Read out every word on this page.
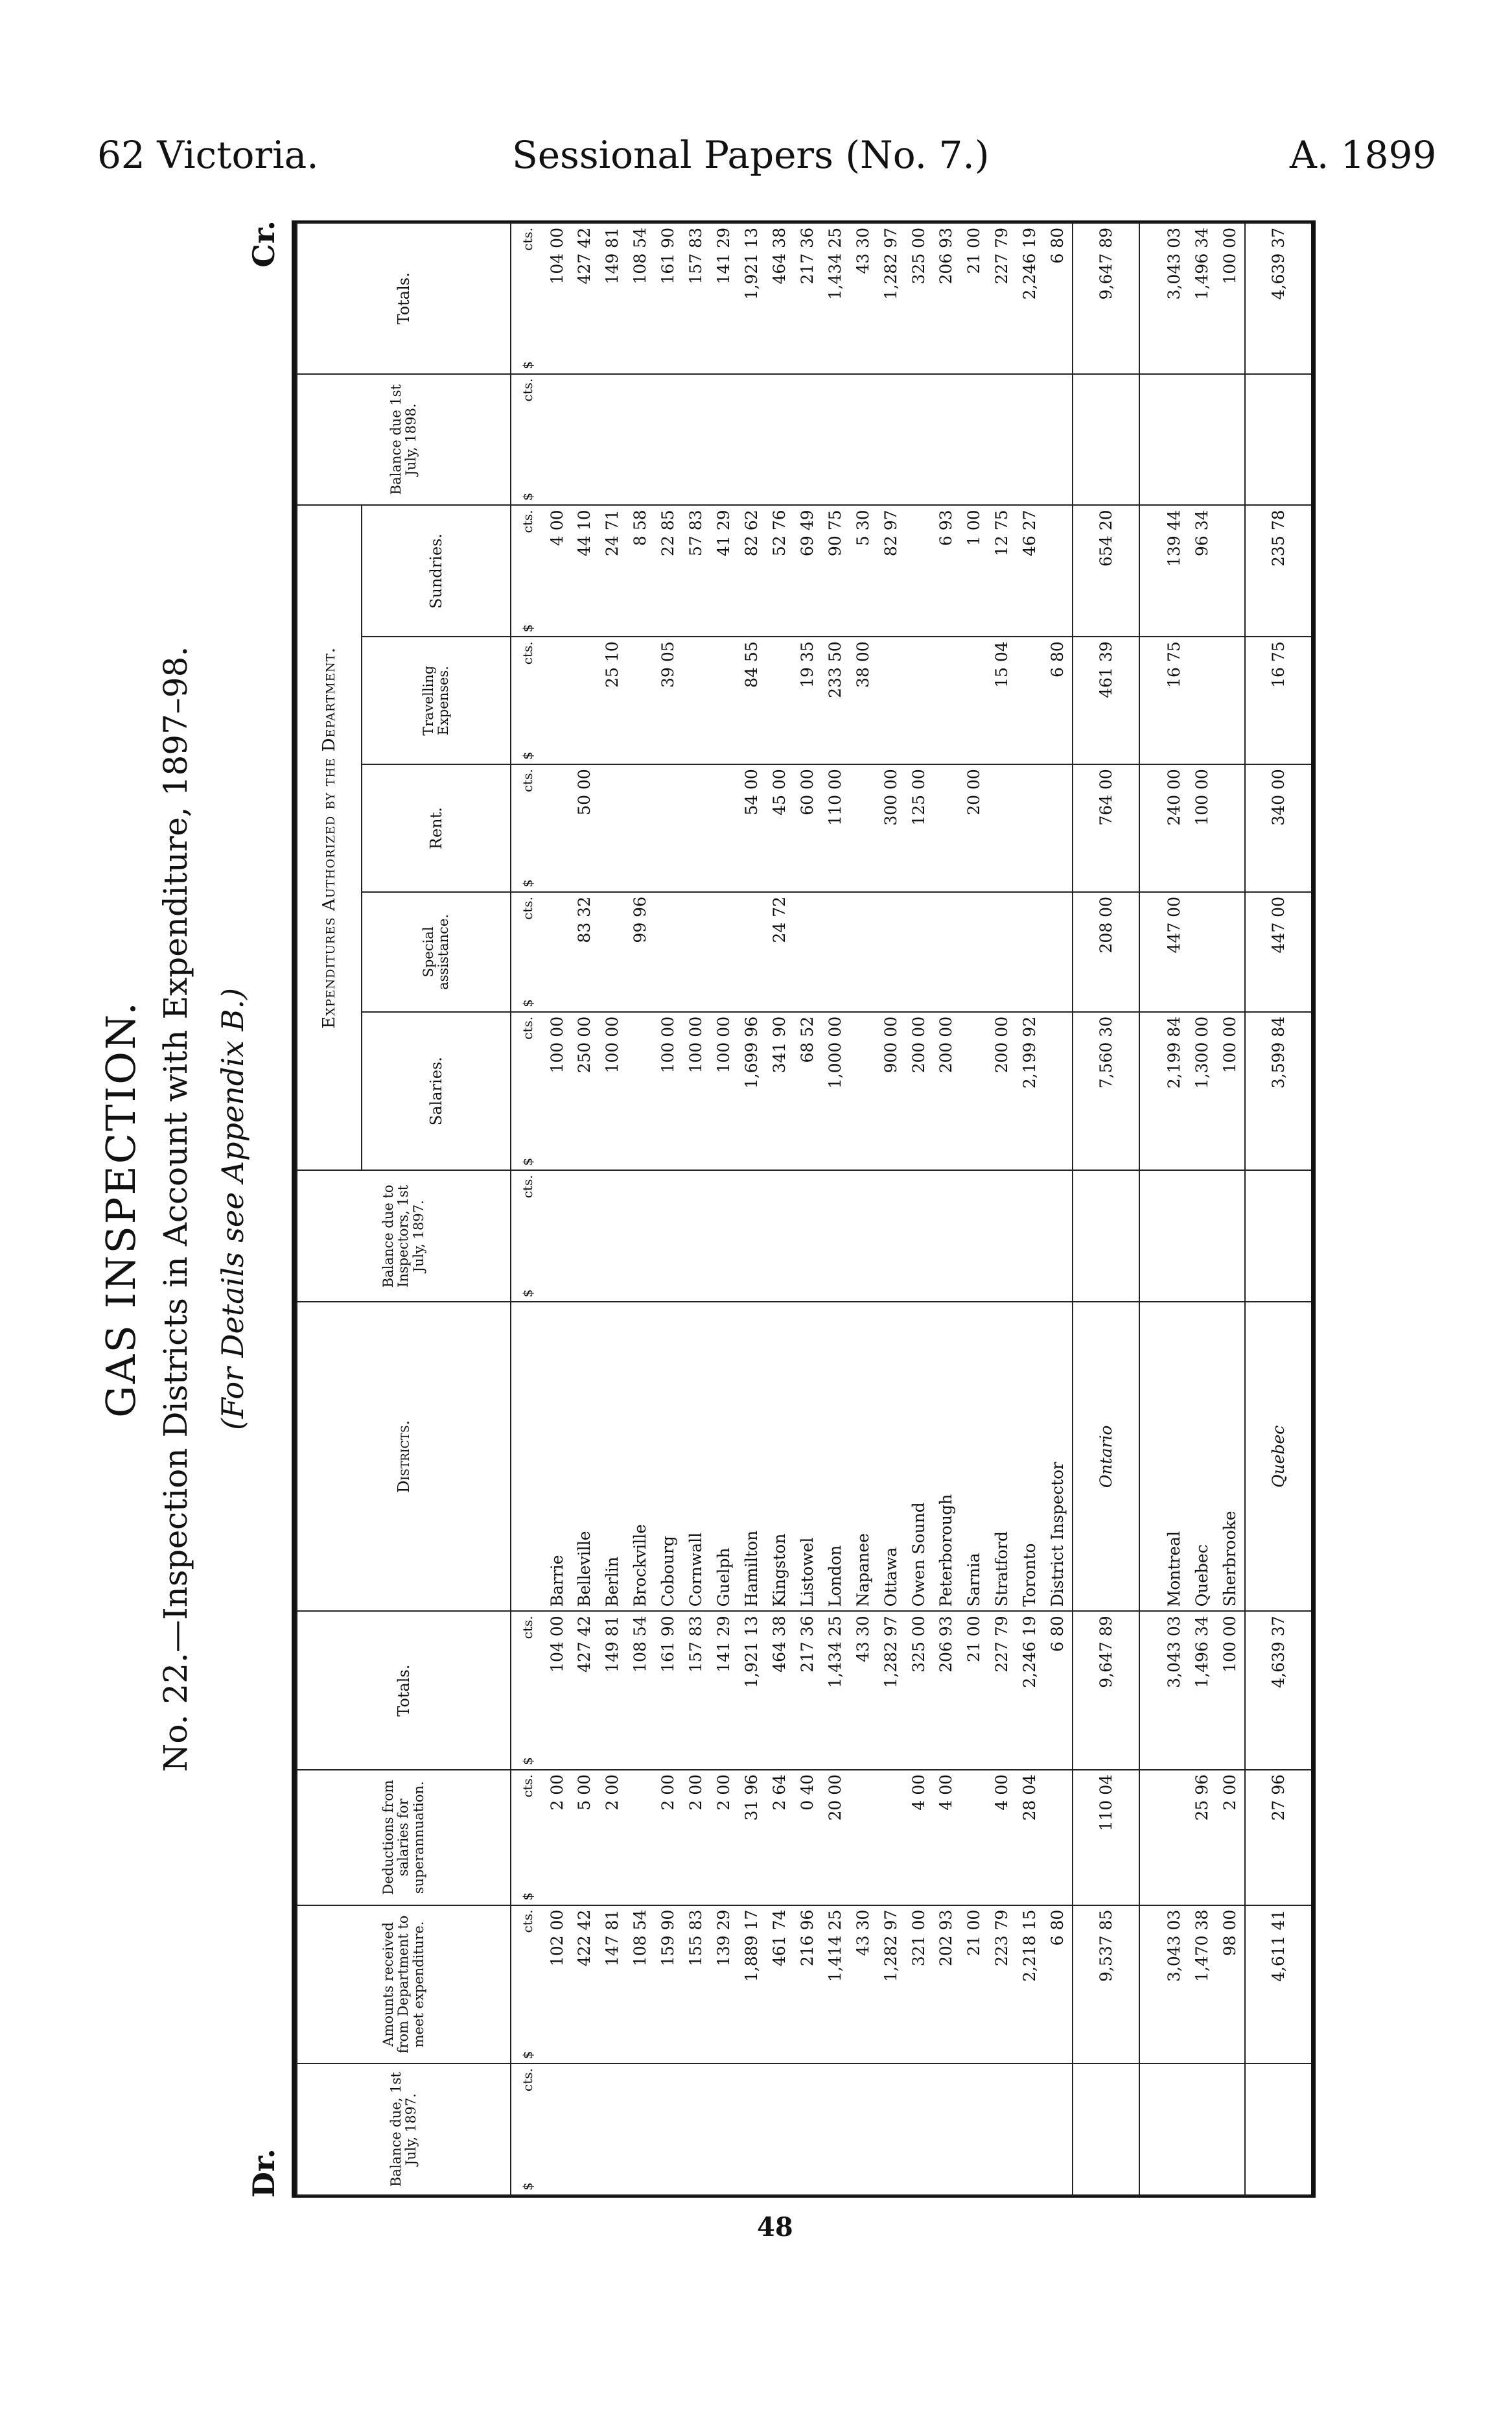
62 Victoria.	Sessional Papers (No. 7.)	A. 1899
GAS INSPECTION. No. 22.—Inspection Districts in Account with Expenditure, 1897–98. (For Details see Appendix B.)
Dr.
Cr.
Balance due, 1st July, 1897.	Amounts received from Department to meet expenditure.	Deductions from salaries for superannuation.	Totals.	Districts.	Balance due to Inspectors, 1st July, 1897.	Expenditures Authorized by the Department.					Balance due 1st July, 1898.	Totals.
						Salaries.	Special assistance.	Rent.	Travelling Expenses.	Sundries.		

$
cts.	$
cts.	$
cts.	$
cts.		$
cts.	$
cts.	$
cts.	$
cts.	$
cts.	$
cts.	$
cts.	$
cts.

	102 00	2 00	104 00	Barrie		100 00				4 00		104 00
	422 42	5 00	427 42	Belleville		250 00	83 32	50 00		44 10		427 42
	147 81	2 00	149 81	Berlin		100 00			25 10	24 71		149 81
	108 54		108 54	Brockville			99 96			8 58		108 54
	159 90	2 00	161 90	Cobourg		100 00			39 05	22 85		161 90
	155 83	2 00	157 83	Cornwall		100 00				57 83		157 83
	139 29	2 00	141 29	Guelph		100 00				41 29		141 29
	1,889 17	31 96	1,921 13	Hamilton		1,699 96		54 00	84 55	82 62		1,921 13
	461 74	2 64	464 38	Kingston		341 90	24 72	45 00		52 76		464 38
	216 96	0 40	217 36	Listowel		68 52		60 00	19 35	69 49		217 36
	1,414 25	20 00	1,434 25	London		1,000 00		110 00	233 50	90 75		1,434 25
	43 30		43 30	Napanee					38 00	5 30		43 30
	1,282 97		1,282 97	Ottawa		900 00		300 00		82 97		1,282 97
	321 00	4 00	325 00	Owen Sound		200 00		125 00				325 00
	202 93	4 00	206 93	Peterborough		200 00				6 93		206 93
	21 00		21 00	Sarnia				20 00		1 00		21 00
	223 79	4 00	227 79	Stratford		200 00			15 04	12 75		227 79
	2,218 15	28 04	2,246 19	Toronto		2,199 92				46 27		2,246 19
	6 80		6 80	District Inspector					6 80			6 80
	9,537 85	110 04	9,647 89	Ontario		7,560 30	208 00	764 00	461 39	654 20		9,647 89

	3,043 03		3,043 03	Montreal		2,199 84	447 00	240 00	16 75	139 44		3,043 03
	1,470 38	25 96	1,496 34	Quebec		1,300 00		100 00		96 34		1,496 34
	98 00	2 00	100 00	Sherbrooke		100 00						100 00
	4,611 41	27 96	4,639 37	Quebec		3,599 84	447 00	340 00	16 75	235 78		4,639 37
48
